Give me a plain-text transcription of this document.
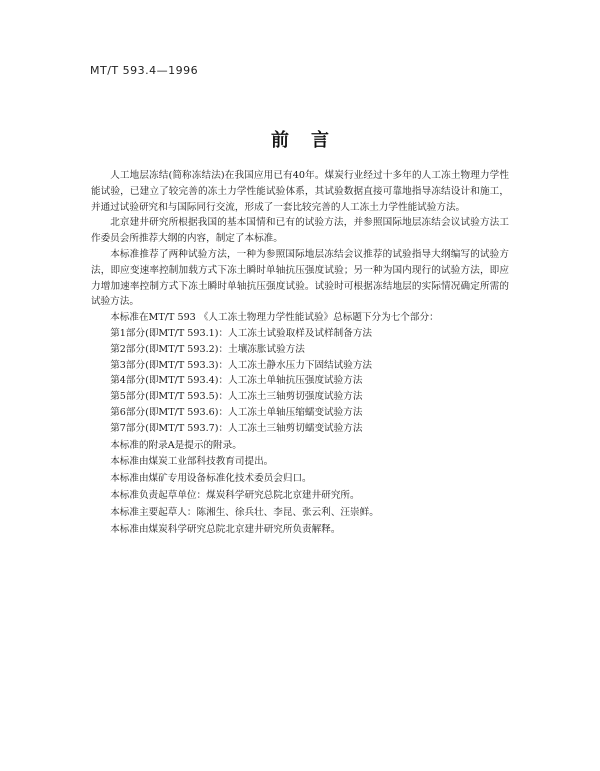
MT/T 593.4—1996
前言

人工地层冻结(简称冻结法)在我国应用已有40年。煤炭行业经过十多年的人工冻土物理力学性能试验，已建立了较完善的冻土力学性能试验体系，其试验数据直接可靠地指导冻结设计和施工，并通过试验研究和与国际同行交流，形成了一套比较完善的人工冻土力学性能试验方法。

北京建井研究所根据我国的基本国情和已有的试验方法，并参照国际地层冻结会议试验方法工作委员会所推荐大纲的内容，制定了本标准。

本标准推荐了两种试验方法，一种为参照国际地层冻结会议推荐的试验指导大纲编写的试验方法，即应变速率控制加载方式下冻土瞬时单轴抗压强度试验；另一种为国内现行的试验方法，即应力增加速率控制方式下冻土瞬时单轴抗压强度试验。试验时可根据冻结地层的实际情况确定所需的试验方法。

本标准在MT/T 593 《人工冻土物理力学性能试验》总标题下分为七个部分：

第1部分(即MT/T 593.1)：人工冻土试验取样及试样制备方法

第2部分(即MT/T 593.2)：土壤冻胀试验方法

第3部分(即MT/T 593.3)：人工冻土静水压力下固结试验方法

第4部分(即MT/T 593.4)：人工冻土单轴抗压强度试验方法

第5部分(即MT/T 593.5)：人工冻土三轴剪切强度试验方法

第6部分(即MT/T 593.6)：人工冻土单轴压缩蠕变试验方法

第7部分(即MT/T 593.7)：人工冻土三轴剪切蠕变试验方法

本标准的附录A是提示的附录。

本标准由煤炭工业部科技教育司提出。

本标准由煤矿专用设备标准化技术委员会归口。

本标准负责起草单位：煤炭科学研究总院北京建井研究所。

本标准主要起草人：陈湘生、徐兵壮、李昆、张云利、汪崇鲜。

本标准由煤炭科学研究总院北京建井研究所负责解释。
